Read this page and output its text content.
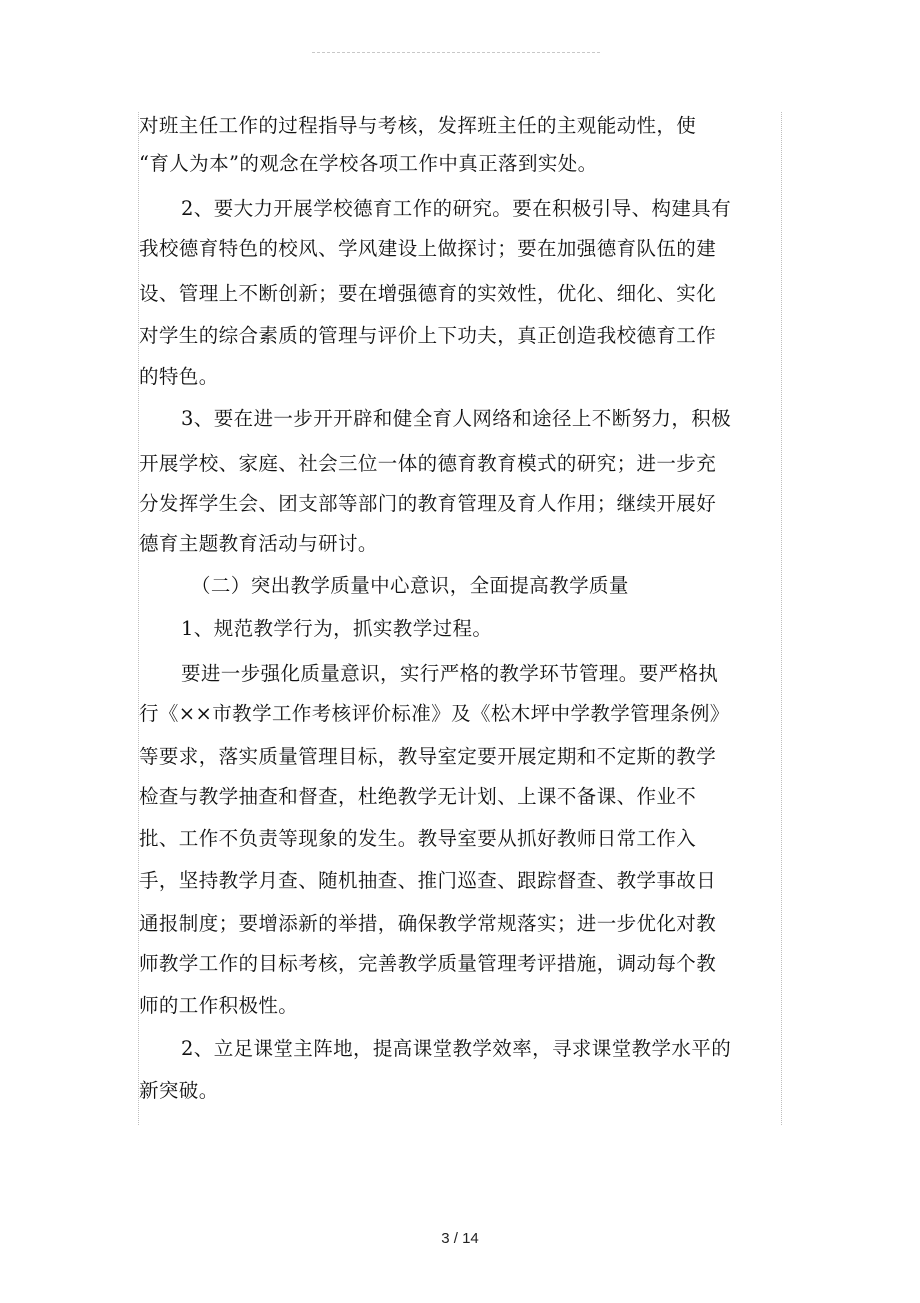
对班主任工作的过程指导与考核，发挥班主任的主观能动性，使
“育人为本”的观念在学校各项工作中真正落到实处。
2、要大力开展学校德育工作的研究。要在积极引导、构建具有
我校德育特色的校风、学风建设上做探讨；要在加强德育队伍的建
设、管理上不断创新；要在增强德育的实效性，优化、细化、实化
对学生的综合素质的管理与评价上下功夫，真正创造我校德育工作
的特色。
3、要在进一步开开辟和健全育人网络和途径上不断努力，积极
开展学校、家庭、社会三位一体的德育教育模式的研究；进一步充
分发挥学生会、团支部等部门的教育管理及育人作用；继续开展好
德育主题教育活动与研讨。
（二）突出教学质量中心意识，全面提高教学质量
1、规范教学行为，抓实教学过程。
要进一步强化质量意识，实行严格的教学环节管理。要严格执
行《××市教学工作考核评价标准》及《松木坪中学教学管理条例》
等要求，落实质量管理目标，教导室定要开展定期和不定斯的教学
检查与教学抽查和督查，杜绝教学无计划、上课不备课、作业不
批、工作不负责等现象的发生。教导室要从抓好教师日常工作入
手，坚持教学月查、随机抽查、推门巡查、跟踪督查、教学事故日
通报制度；要增添新的举措，确保教学常规落实；进一步优化对教
师教学工作的目标考核，完善教学质量管理考评措施，调动每个教
师的工作积极性。
2、立足课堂主阵地，提高课堂教学效率，寻求课堂教学水平的
新突破。
3 / 14
